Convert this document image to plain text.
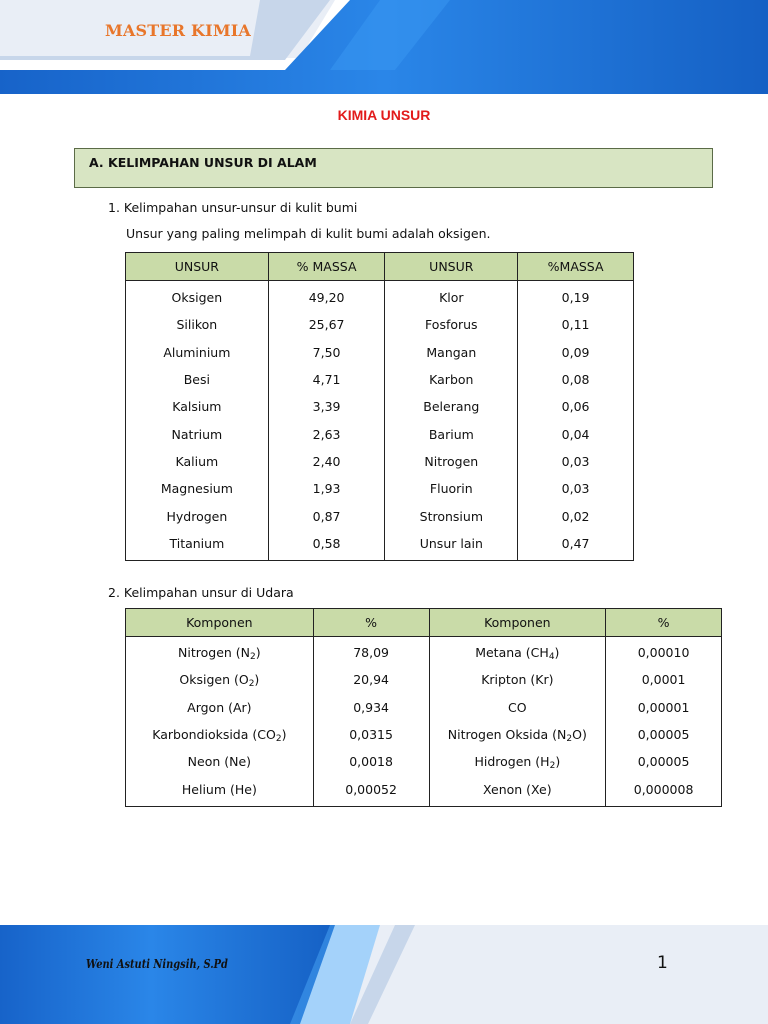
MASTER KIMIA
KIMIA UNSUR
A. KELIMPAHAN UNSUR DI ALAM
1. Kelimpahan unsur-unsur di kulit bumi
Unsur yang paling melimpah di kulit bumi adalah oksigen.
UNSUR	% MASSA	UNSUR	%MASSA
Oksigen	49,20	Klor	0,19
Silikon	25,67	Fosforus	0,11
Aluminium	7,50	Mangan	0,09
Besi	4,71	Karbon	0,08
Kalsium	3,39	Belerang	0,06
Natrium	2,63	Barium	0,04
Kalium	2,40	Nitrogen	0,03
Magnesium	1,93	Fluorin	0,03
Hydrogen	0,87	Stronsium	0,02
Titanium	0,58	Unsur lain	0,47
2. Kelimpahan unsur di Udara
Komponen	%	Komponen	%
Nitrogen $(N_2)$	78,09	Metana $(CH_4)$	0,00010
Oksigen $(O_2)$	20,94	Kripton (Kr)	0,0001
Argon (Ar)	0,934	CO	0,00001
Karbondioksida $(CO_2)$	0,0315	Nitrogen Oksida $(N_2O)$	0,00005
Neon (Ne)	0,0018	Hidrogen $(H_2)$	0,00005
Helium (He)	0,00052	Xenon (Xe)	0,000008
Weni Astuti Ningsih, S.Pd	1
